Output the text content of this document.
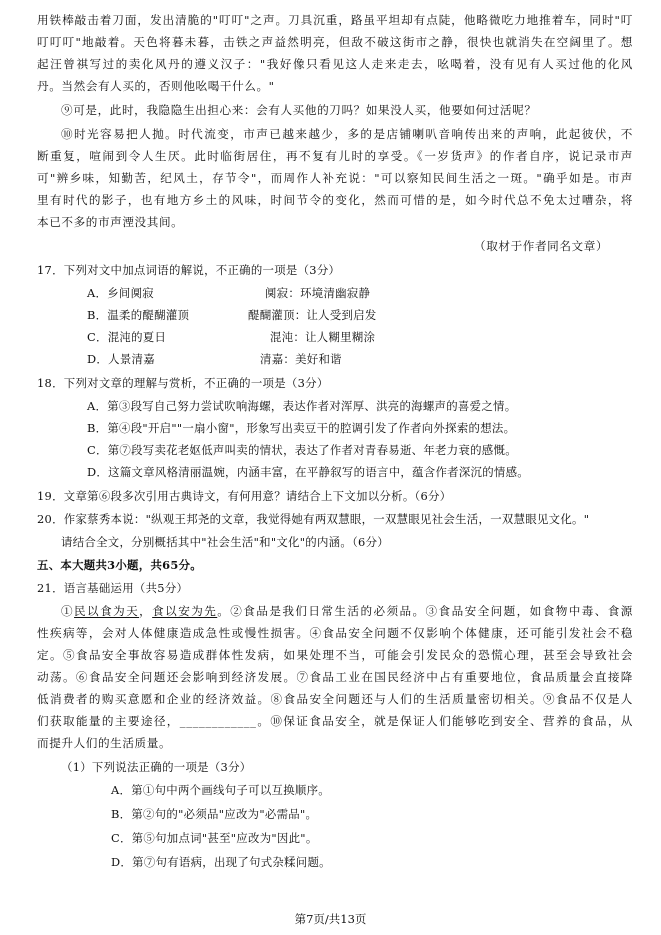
用铁棒敲击着刀面，发出清脆的"叮叮"之声。刀具沉重，路虽平坦却有点陡，他略微吃力地推着车，同时"叮
叮叮叮"地敲着。天色将暮未暮，击铁之声益然明亮，但敌不破这街市之静，很快也就消失在空阔里了。想
起汪曾祺写过的卖化风丹的遵义汉子："我好像只看见这人走来走去，吆喝着，没有见有人买过他的化风
丹。当然会有人买的，否则他吆喝干什么。"
⑨可是，此时，我隐隐生出担心来：会有人买他的刀吗？如果没人买，他要如何过活呢？
⑩时光容易把人抛。时代流变，市声已越来越少，多的是店铺喇叭音响传出来的声响，此起彼伏，不
断重复，喧闹到令人生厌。此时临街居住，再不复有儿时的享受。《一岁货声》的作者自序，说记录市声
可"辨乡味，知勤苦，纪风土，存节令"，而周作人补充说："可以察知民间生活之一斑。"确乎如是。市声
里有时代的影子，也有地方乡土的风味，时间节令的变化，然而可惜的是，如今时代总不免太过嘈杂，将
本已不多的市声湮没其间。
（取材于作者同名文章）
17．下列对文中加点词语的解说，不正确的一项是（3分）
A．乡间阒寂	阒寂：环境清幽寂静
B．温柔的醍醐灌顶	醍醐灌顶：让人受到启发
C．混沌的夏日	混沌：让人糊里糊涂
D．人景清嘉	清嘉：美好和谐
18．下列对文章的理解与赏析，不正确的一项是（3分）
A．第③段写自己努力尝试吹响海螺，表达作者对浑厚、洪亮的海螺声的喜爱之情。
B．第④段"开启""一扇小窗"，形象写出卖豆干的腔调引发了作者向外探索的想法。
C．第⑦段写卖花老妪低声叫卖的情状，表达了作者对青春易逝、年老力衰的感慨。
D．这篇文章风格清丽温婉，内涵丰富，在平静叙写的语言中，蕴含作者深沉的情感。
19．文章第⑥段多次引用古典诗文，有何用意？请结合上下文加以分析。（6分）
20．作家蔡秀本说："纵观王邦尧的文章，我觉得她有两双慧眼，一双慧眼见社会生活，一双慧眼见文化。"
请结合全文，分别概括其中"社会生活"和"文化"的内涵。（6分）
五、本大题共3小题，共65分。
21．语言基础运用（共5分）
①民以食为天，食以安为先。②食品是我们日常生活的必须品。③食品安全问题，如食物中毒、食源
性疾病等，会对人体健康造成急性或慢性损害。④食品安全问题不仅影响个体健康，还可能引发社会不稳
定。⑤食品安全事故容易造成群体性发病，如果处理不当，可能会引发民众的恐慌心理，甚至会导致社会
动荡。⑥食品安全问题还会影响到经济发展。⑦食品工业在国民经济中占有重要地位，食品质量会直接降
低消费者的购买意愿和企业的经济效益。⑧食品安全问题还与人们的生活质量密切相关。⑨食品不仅是人
们获取能量的主要途径，____________。⑩保证食品安全，就是保证人们能够吃到安全、营养的食品，从
而提升人们的生活质量。
（1）下列说法正确的一项是（3分）
A．第①句中两个画线句子可以互换顺序。
B．第②句的"必须品"应改为"必需品"。
C．第⑤句加点词"甚至"应改为"因此"。
D．第⑦句有语病，出现了句式杂糅问题。
第7页/共13页
